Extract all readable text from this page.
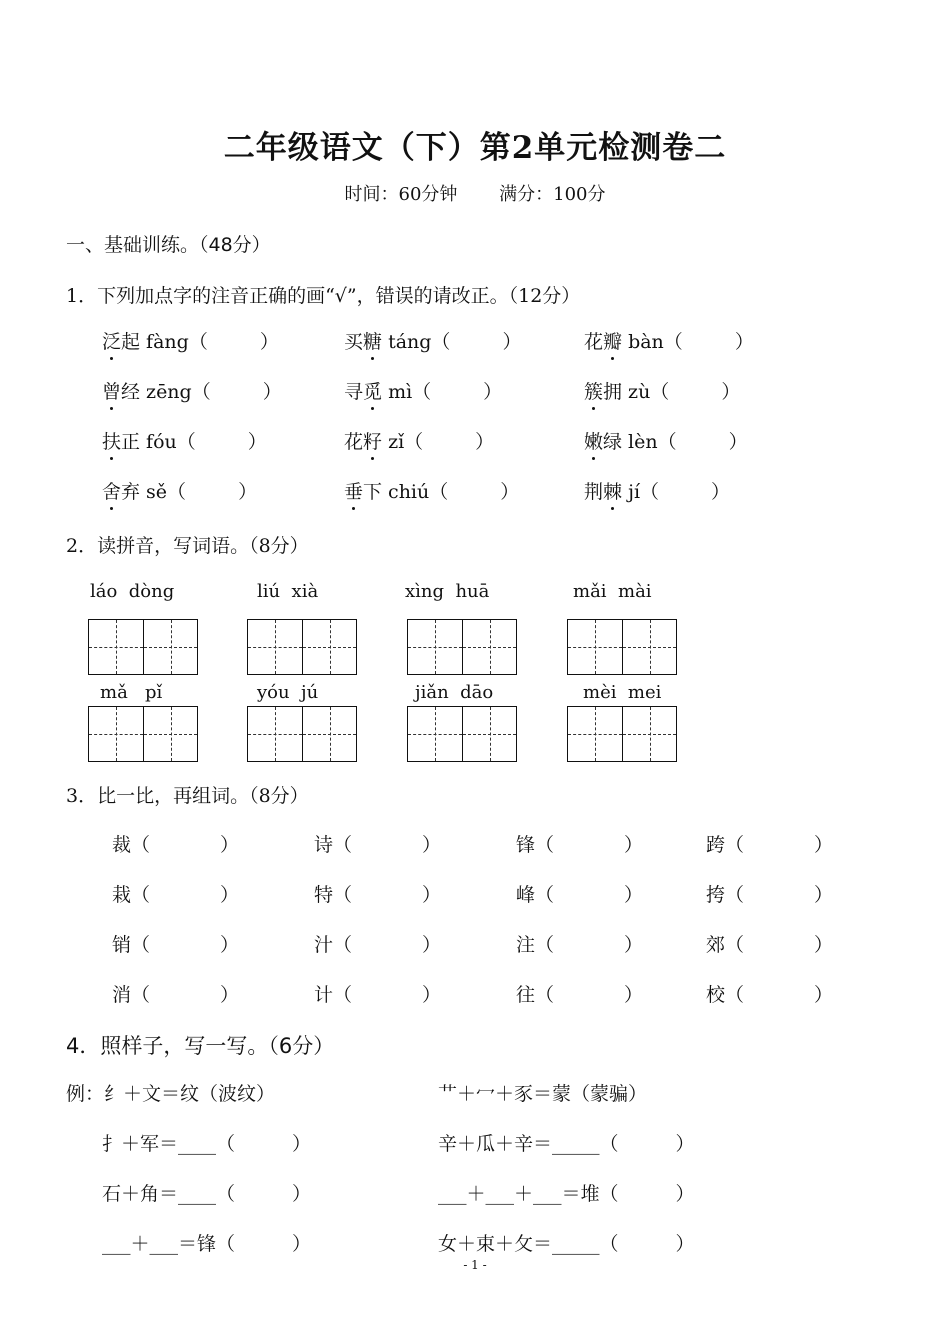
二年级语文（下）第2单元检测卷二
时间：60分钟 满分：100分
一、基础训练。（48分）
1．下列加点字的注音正确的画“√”，错误的请改正。（12分）
泛起 fàng（	）	买糖 táng（	）	花瓣 bàn（	）
曾经 zēng（	）	寻觅 mì（	）	簇拥 zù（	）
扶正 fóu（	）	花籽 zǐ（	）	嫩绿 lèn（	）
舍弃 sě（	）	垂下 chiú（	）	荆棘 jí（	）
2．读拼音，写词语。（8分）
láo  dòng	liú  xià	xìng  huā	mǎi  mài
mǎ   pǐ	yóu  jú	jiǎn  dāo	mèi  mei
3．比一比，再组词。（8分）
裁（	）	诗（	）	锋（	）	跨（	）
栽（	）	特（	）	峰（	）	挎（	）
销（	）	汁（	）	注（	）	郊（	）
消（	）	计（	）	往（	）	校（	）
4．照样子，写一写。（6分）
例：纟＋文＝纹（波纹）	艹＋冖＋豕＝蒙（蒙骗）
扌＋军＝____（　　　）	辛＋瓜＋辛＝_____（　　　）
石＋角＝____（　　　）	___＋___＋___＝堆（　　　）
___＋___＝锋（　　　）	女＋束＋攵＝_____（　　　）
- 1 -
